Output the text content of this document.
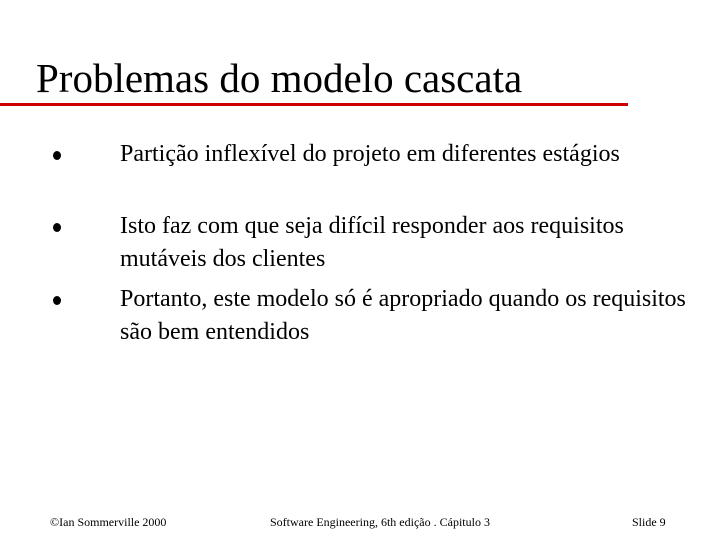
Problemas do modelo cascata
Partição inflexível do projeto em diferentes estágios
Isto faz com que seja difícil responder aos requisitos mutáveis dos clientes
Portanto, este modelo só é apropriado quando os requisitos são bem entendidos
©Ian Sommerville 2000	Software Engineering, 6th edição . Cápitulo 3	Slide 9
